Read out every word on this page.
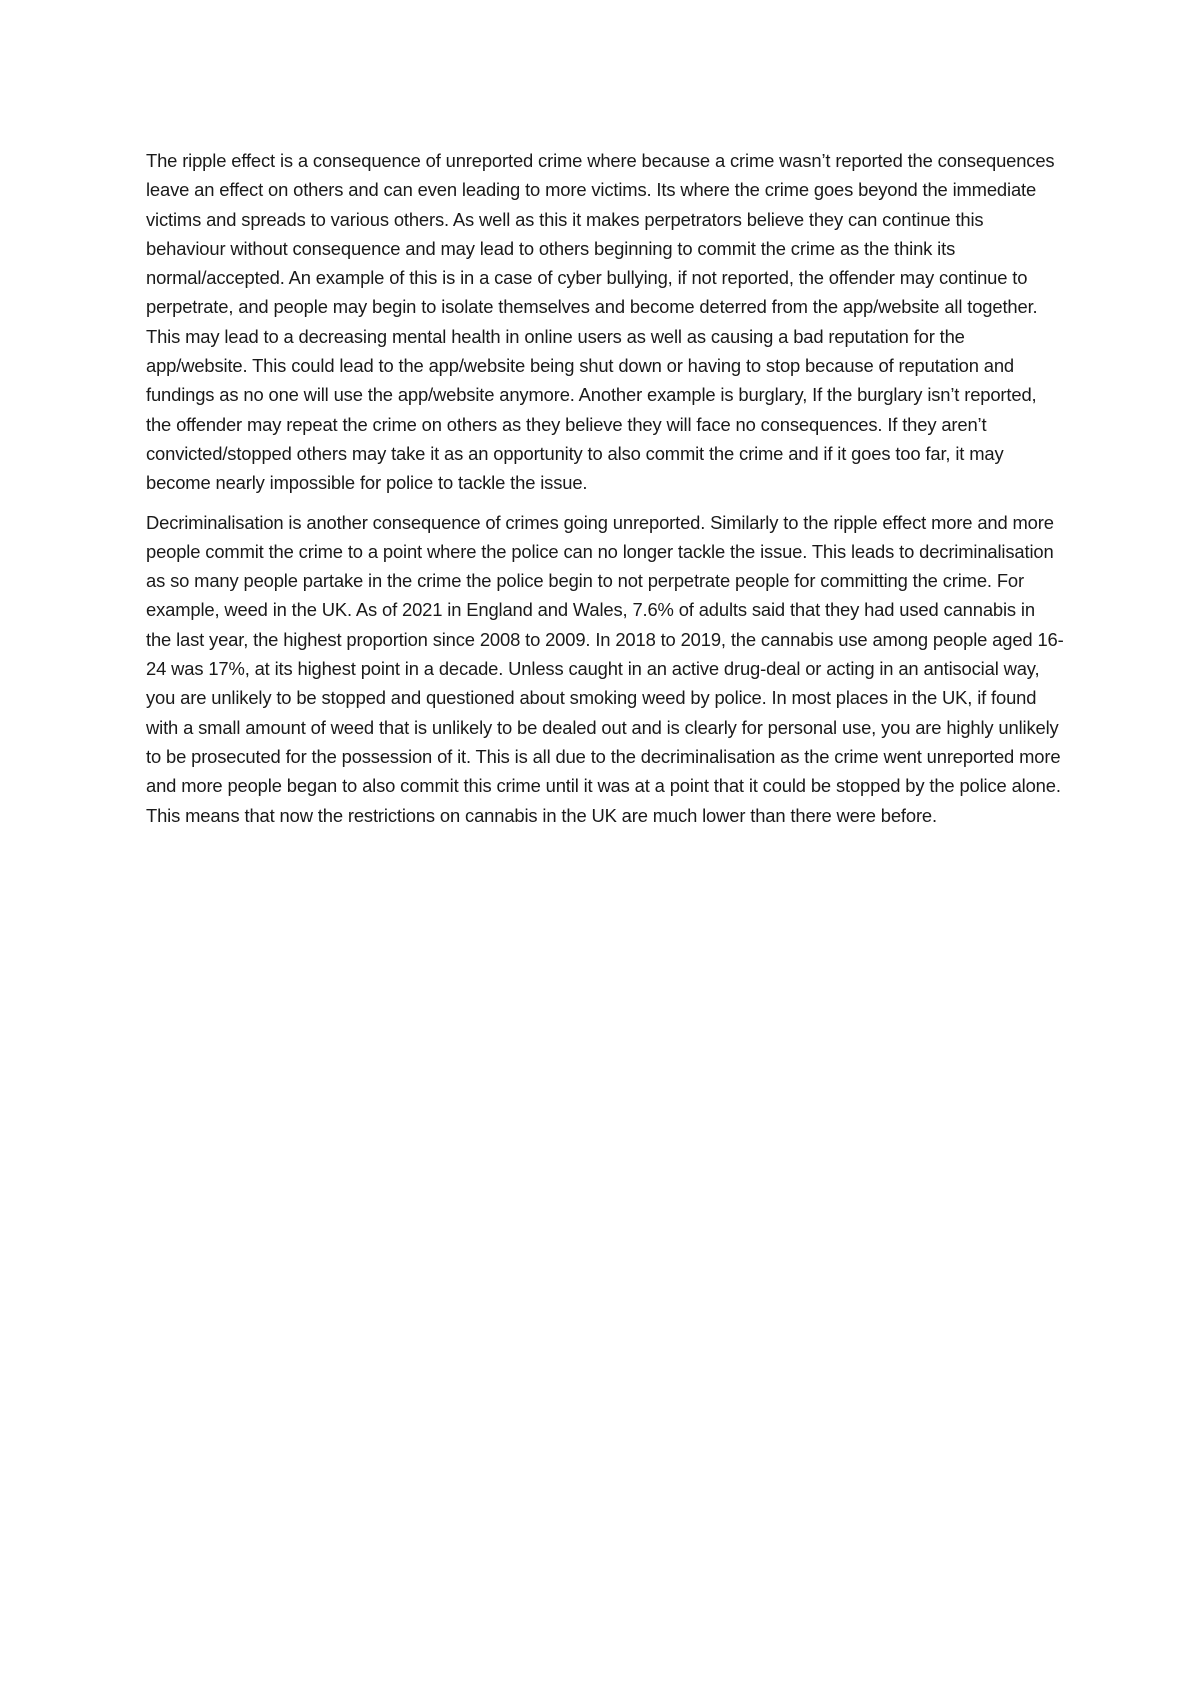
The ripple effect is a consequence of unreported crime where because a crime wasn’t reported the consequences leave an effect on others and can even leading to more victims. Its where the crime goes beyond the immediate victims and spreads to various others. As well as this it makes perpetrators believe they can continue this behaviour without consequence and may lead to others beginning to commit the crime as the think its normal/accepted. An example of this is in a case of cyber bullying, if not reported, the offender may continue to perpetrate, and people may begin to isolate themselves and become deterred from the app/website all together. This may lead to a decreasing mental health in online users as well as causing a bad reputation for the app/website. This could lead to the app/website being shut down or having to stop because of reputation and fundings as no one will use the app/website anymore. Another example is burglary, If the burglary isn’t reported, the offender may repeat the crime on others as they believe they will face no consequences. If they aren’t convicted/stopped others may take it as an opportunity to also commit the crime and if it goes too far, it may become nearly impossible for police to tackle the issue.

Decriminalisation is another consequence of crimes going unreported. Similarly to the ripple effect more and more people commit the crime to a point where the police can no longer tackle the issue. This leads to decriminalisation as so many people partake in the crime the police begin to not perpetrate people for committing the crime. For example, weed in the UK. As of 2021 in England and Wales, 7.6% of adults said that they had used cannabis in the last year, the highest proportion since 2008 to 2009. In 2018 to 2019, the cannabis use among people aged 16-24 was 17%, at its highest point in a decade. Unless caught in an active drug-deal or acting in an antisocial way, you are unlikely to be stopped and questioned about smoking weed by police. In most places in the UK, if found with a small amount of weed that is unlikely to be dealed out and is clearly for personal use, you are highly unlikely to be prosecuted for the possession of it. This is all due to the decriminalisation as the crime went unreported more and more people began to also commit this crime until it was at a point that it could be stopped by the police alone. This means that now the restrictions on cannabis in the UK are much lower than there were before.
